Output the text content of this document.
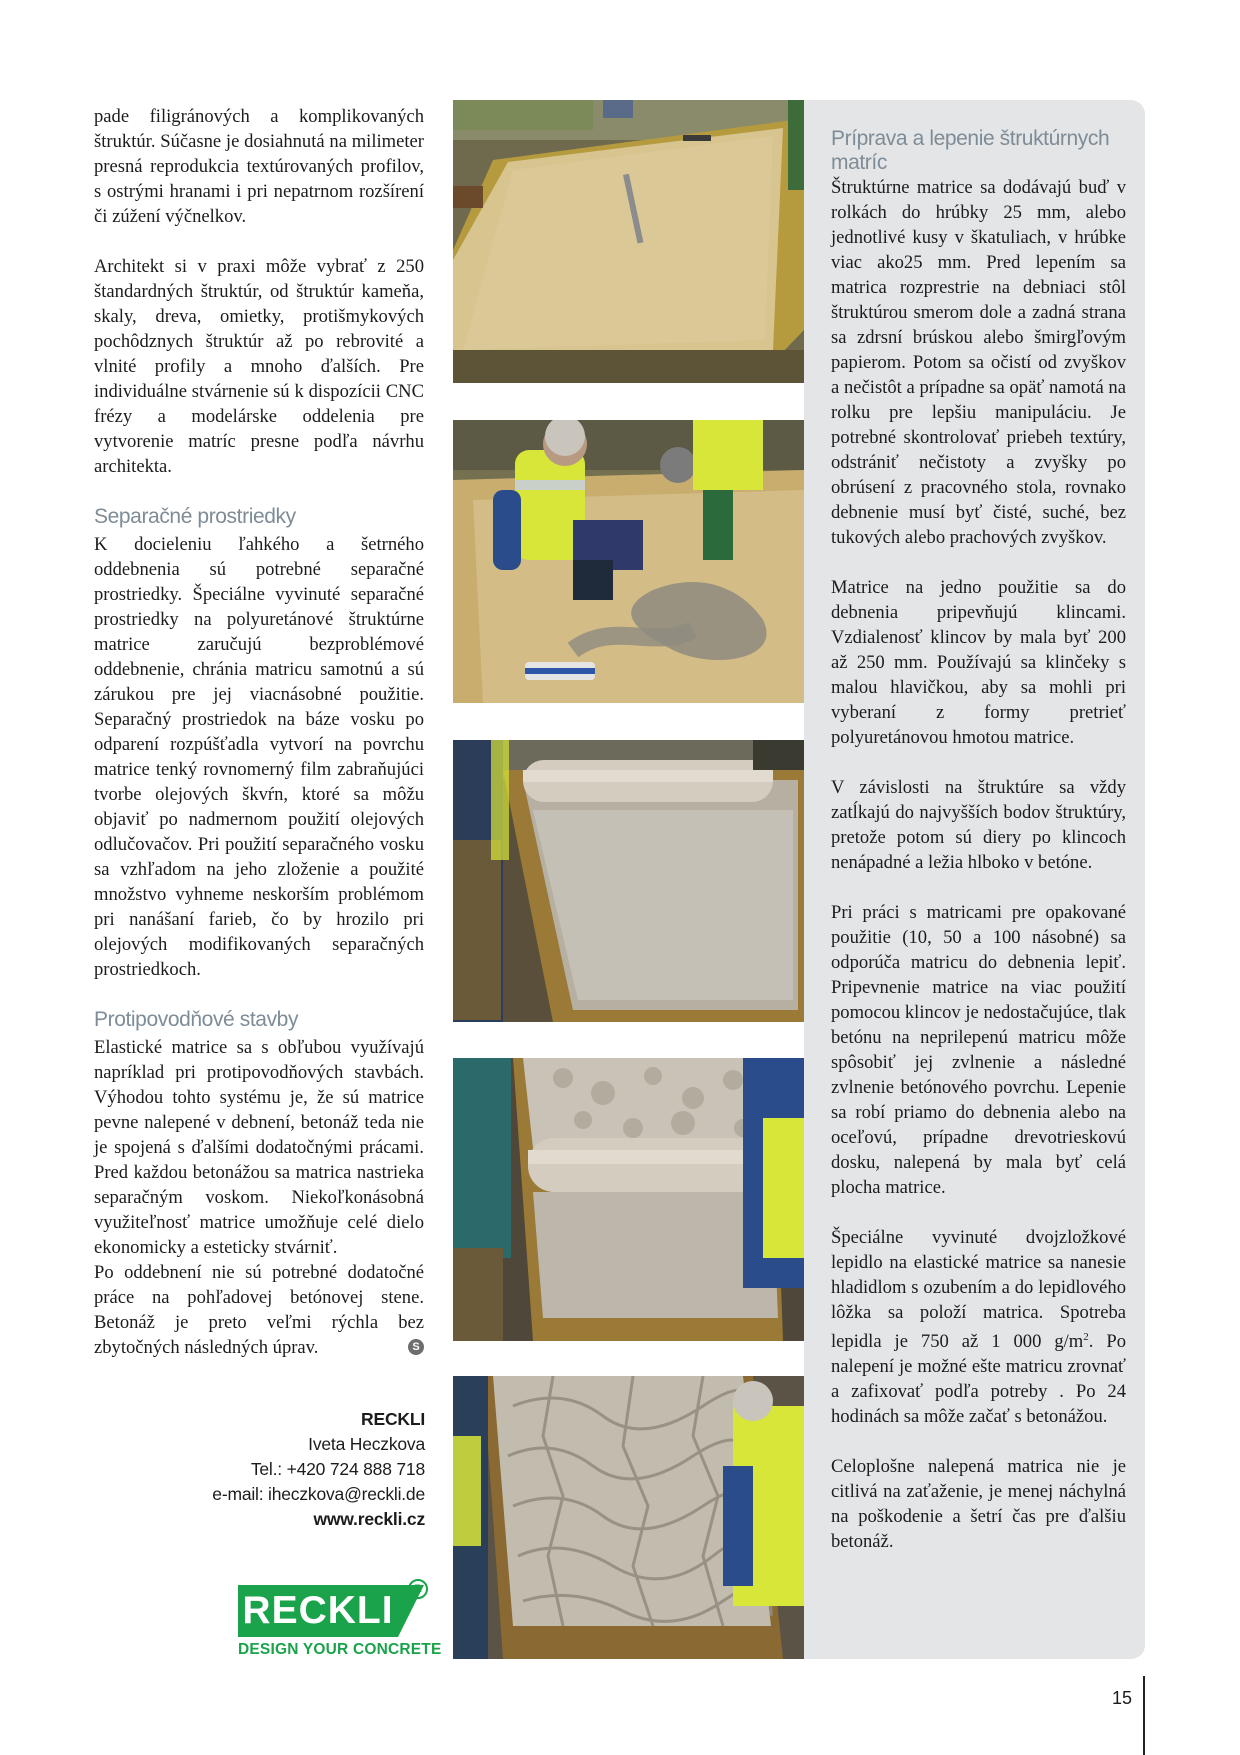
pade filigránových a komplikovaných štruktúr. Súčasne je dosiahnutá na milimeter presná reprodukcia textúrovaných profilov, s ostrými hranami i pri nepatrnom rozšírení či zúžení výčnelkov.

Architekt si v praxi môže vybrať z 250 štandardných štruktúr, od štruktúr kameňa, skaly, dreva, omietky, protišmykových pochôdznych štruktúr až po rebrovité a vlnité profily a mnoho ďalších. Pre individuálne stvárnenie sú k dispozícii CNC frézy a modelárske oddelenia pre vytvorenie matríc presne podľa návrhu architekta.

Separačné prostriedky

K docieleniu ľahkého a šetrného oddebnenia sú potrebné separačné prostriedky. Špeciálne vyvinuté separačné prostriedky na polyuretánové štruktúrne matrice zaručujú bezproblémové oddebnenie, chránia matricu samotnú a sú zárukou pre jej viacnásobné použitie. Separačný prostriedok na báze vosku po odparení rozpúšťadla vytvorí na povrchu matrice tenký rovnomerný film zabraňujúci tvorbe olejových škvŕn, ktoré sa môžu objaviť po nadmernom použití olejových odlučovačov. Pri použití separačného vosku sa vzhľadom na jeho zloženie a použité množstvo vyhneme neskorším problémom pri nanášaní farieb, čo by hrozilo pri olejových modifikovaných separačných prostriedkoch.

Protipovodňové stavby

Elastické matrice sa s obľubou využívajú napríklad pri protipovodňových stavbách. Výhodou tohto systému je, že sú matrice pevne nalepené v debnení, betonáž teda nie je spojená s ďalšími dodatočnými prácami. Pred každou betonážou sa matrica nastrieka separačným voskom. Niekoľkonásobná využiteľnosť matrice umožňuje celé dielo ekonomicky a esteticky stvárniť.

Po oddebnení nie sú potrebné dodatočné práce na pohľadovej betónovej stene. Betonáž je preto veľmi rýchla bez zbytočných následných úprav.	S

RECKLI
Iveta Heczkova
Tel.: +420 724 888 718
e-mail: iheczkova@reckli.de
www.reckli.cz
RECKLI	R
DESIGN YOUR CONCRETE
Príprava a lepenie štruktúrnych matríc

Štruktúrne matrice sa dodávajú buď v rolkách do hrúbky 25 mm, alebo jednotlivé kusy v škatuliach, v hrúbke viac ako25 mm. Pred lepením sa matrica rozprestrie na debniaci stôl štruktúrou smerom dole a zadná strana sa zdrsní brúskou alebo šmirgľovým papierom. Potom sa očistí od zvyškov a nečistôt a prípadne sa opäť namotá na rolku pre lepšiu manipuláciu. Je potrebné skontrolovať priebeh textúry, odstrániť nečistoty a zvyšky po obrúsení z pracovného stola, rovnako debnenie musí byť čisté, suché, bez tukových alebo prachových zvyškov.

Matrice na jedno použitie sa do debnenia pripevňujú klincami. Vzdialenosť klincov by mala byť 200 až 250 mm. Používajú sa klinčeky s malou hlavičkou, aby sa mohli pri vyberaní z formy pretrieť polyuretánovou hmotou matrice.

V závislosti na štruktúre sa vždy zatĺkajú do najvyšších bodov štruktúry, pretože potom sú diery po klincoch nenápadné a ležia hlboko v betóne.

Pri práci s matricami pre opakované použitie (10, 50 a 100 násobné) sa odporúča matricu do debnenia lepiť. Pripevnenie matrice na viac použití pomocou klincov je nedostačujúce, tlak betónu na neprilepenú matricu môže spôsobiť jej zvlnenie a následné zvlnenie betónového povrchu. Lepenie sa robí priamo do debnenia alebo na oceľovú, prípadne drevotrieskovú dosku, nalepená by mala byť celá plocha matrice.

Špeciálne vyvinuté dvojzložkové lepidlo na elastické matrice sa nanesie hladidlom s ozubením a do lepidlového lôžka sa položí matrica. Spotreba lepidla je 750 až 1 000 $g/m^2$. Po nalepení je možné ešte matricu zrovnať a zafixovať podľa potreby . Po 24 hodinách sa môže začať s betonážou.

Celoplošne nalepená matrica nie je citlivá na zaťaženie, je menej náchylná na poškodenie a šetrí čas pre ďalšiu betonáž.

15
